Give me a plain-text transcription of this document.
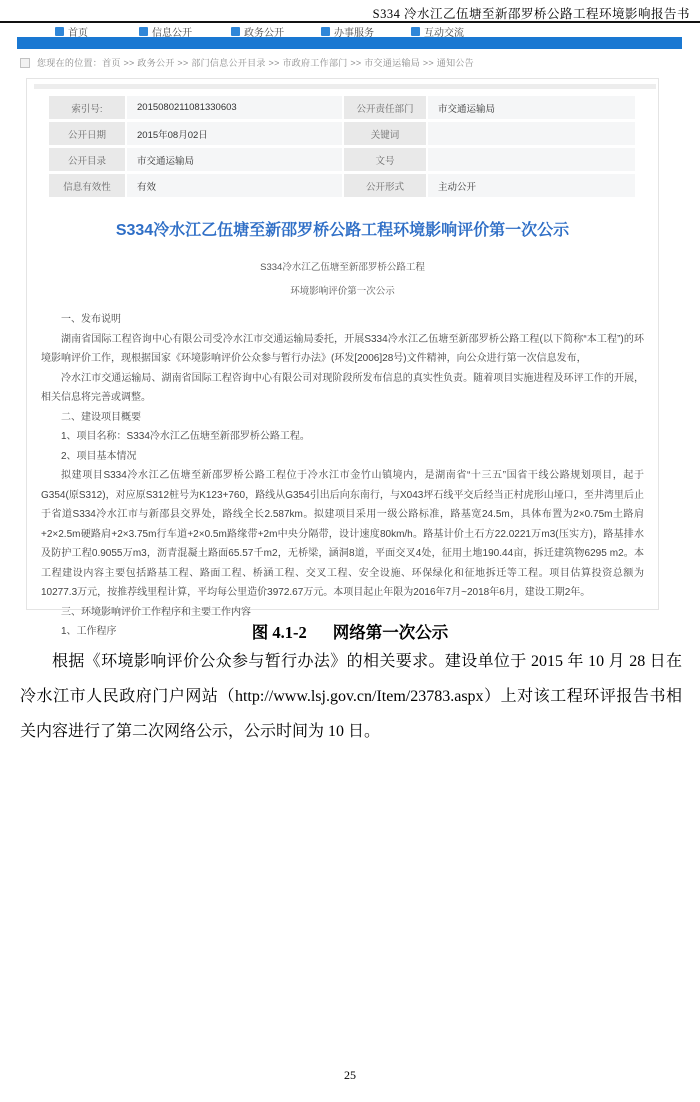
S334 冷水江乙伍塘至新邵罗桥公路工程环境影响报告书
首页	信息公开	政务公开	办事服务	互动交流
您现在的位置：首页 >> 政务公开 >> 部门信息公开目录 >> 市政府工作部门 >> 市交通运输局 >> 通知公告
索引号:	2015080211081330603	公开责任部门	市交通运输局
公开日期	2015年08月02日	关键词	
公开目录	市交通运输局	文号	
信息有效性	有效	公开形式	主动公开
S334冷水江乙伍塘至新邵罗桥公路工程环境影响评价第一次公示
S334冷水江乙伍塘至新邵罗桥公路工程
环境影响评价第一次公示

一、发布说明

湖南省国际工程咨询中心有限公司受冷水江市交通运输局委托，开展S334冷水江乙伍塘至新邵罗桥公路工程(以下简称“本工程”)的环境影响评价工作，现根据国家《环境影响评价公众参与暂行办法》(环发[2006]28号)文件精神，向公众进行第一次信息发布，

冷水江市交通运输局、湖南省国际工程咨询中心有限公司对现阶段所发布信息的真实性负责。随着项目实施进程及环评工作的开展，相关信息将完善或调整。

二、建设项目概要

1、项目名称：S334冷水江乙伍塘至新邵罗桥公路工程。

2、项目基本情况

拟建项目S334冷水江乙伍塘至新邵罗桥公路工程位于冷水江市金竹山镇境内，是湖南省“十三五”国省干线公路规划项目，起于G354(原S312)，对应原S312桩号为K123+760，路线从G354引出后向东南行，与X043坪石线平交后经当正村虎形山垭口，至井湾里后止于省道S334冷水江市与新邵县交界处，路线全长2.587km。拟建项目采用一级公路标准，路基宽24.5m，具体布置为2×0.75m土路肩+2×2.5m硬路肩+2×3.75m行车道+2×0.5m路缘带+2m中央分隔带，设计速度80km/h。路基计价土石方22.0221万m3(压实方)，路基排水及防护工程0.9055万m3，沥青混凝土路面65.57千m2，无桥梁，涵洞8道，平面交叉4处，征用土地190.44亩，拆迁建筑物6295 m2。本工程建设内容主要包括路基工程、路面工程、桥涵工程、交叉工程、安全设施、环保绿化和征地拆迁等工程。项目估算投资总额为10277.3万元，按推荐线里程计算，平均每公里造价3972.67万元。本项目起止年限为2016年7月~2018年6月，建设工期2年。

三、环境影响评价工作程序和主要工作内容

1、工作程序	图 4.1-2 网络第一次公示
根据《环境影响评价公众参与暂行办法》的相关要求。建设单位于 2015 年 10 月 28 日在冷水江市人民政府门户网站（http://www.lsj.gov.cn/Item/23783.aspx）上对该工程环评报告书相关内容进行了第二次网络公示，公示时间为 10 日。
25
